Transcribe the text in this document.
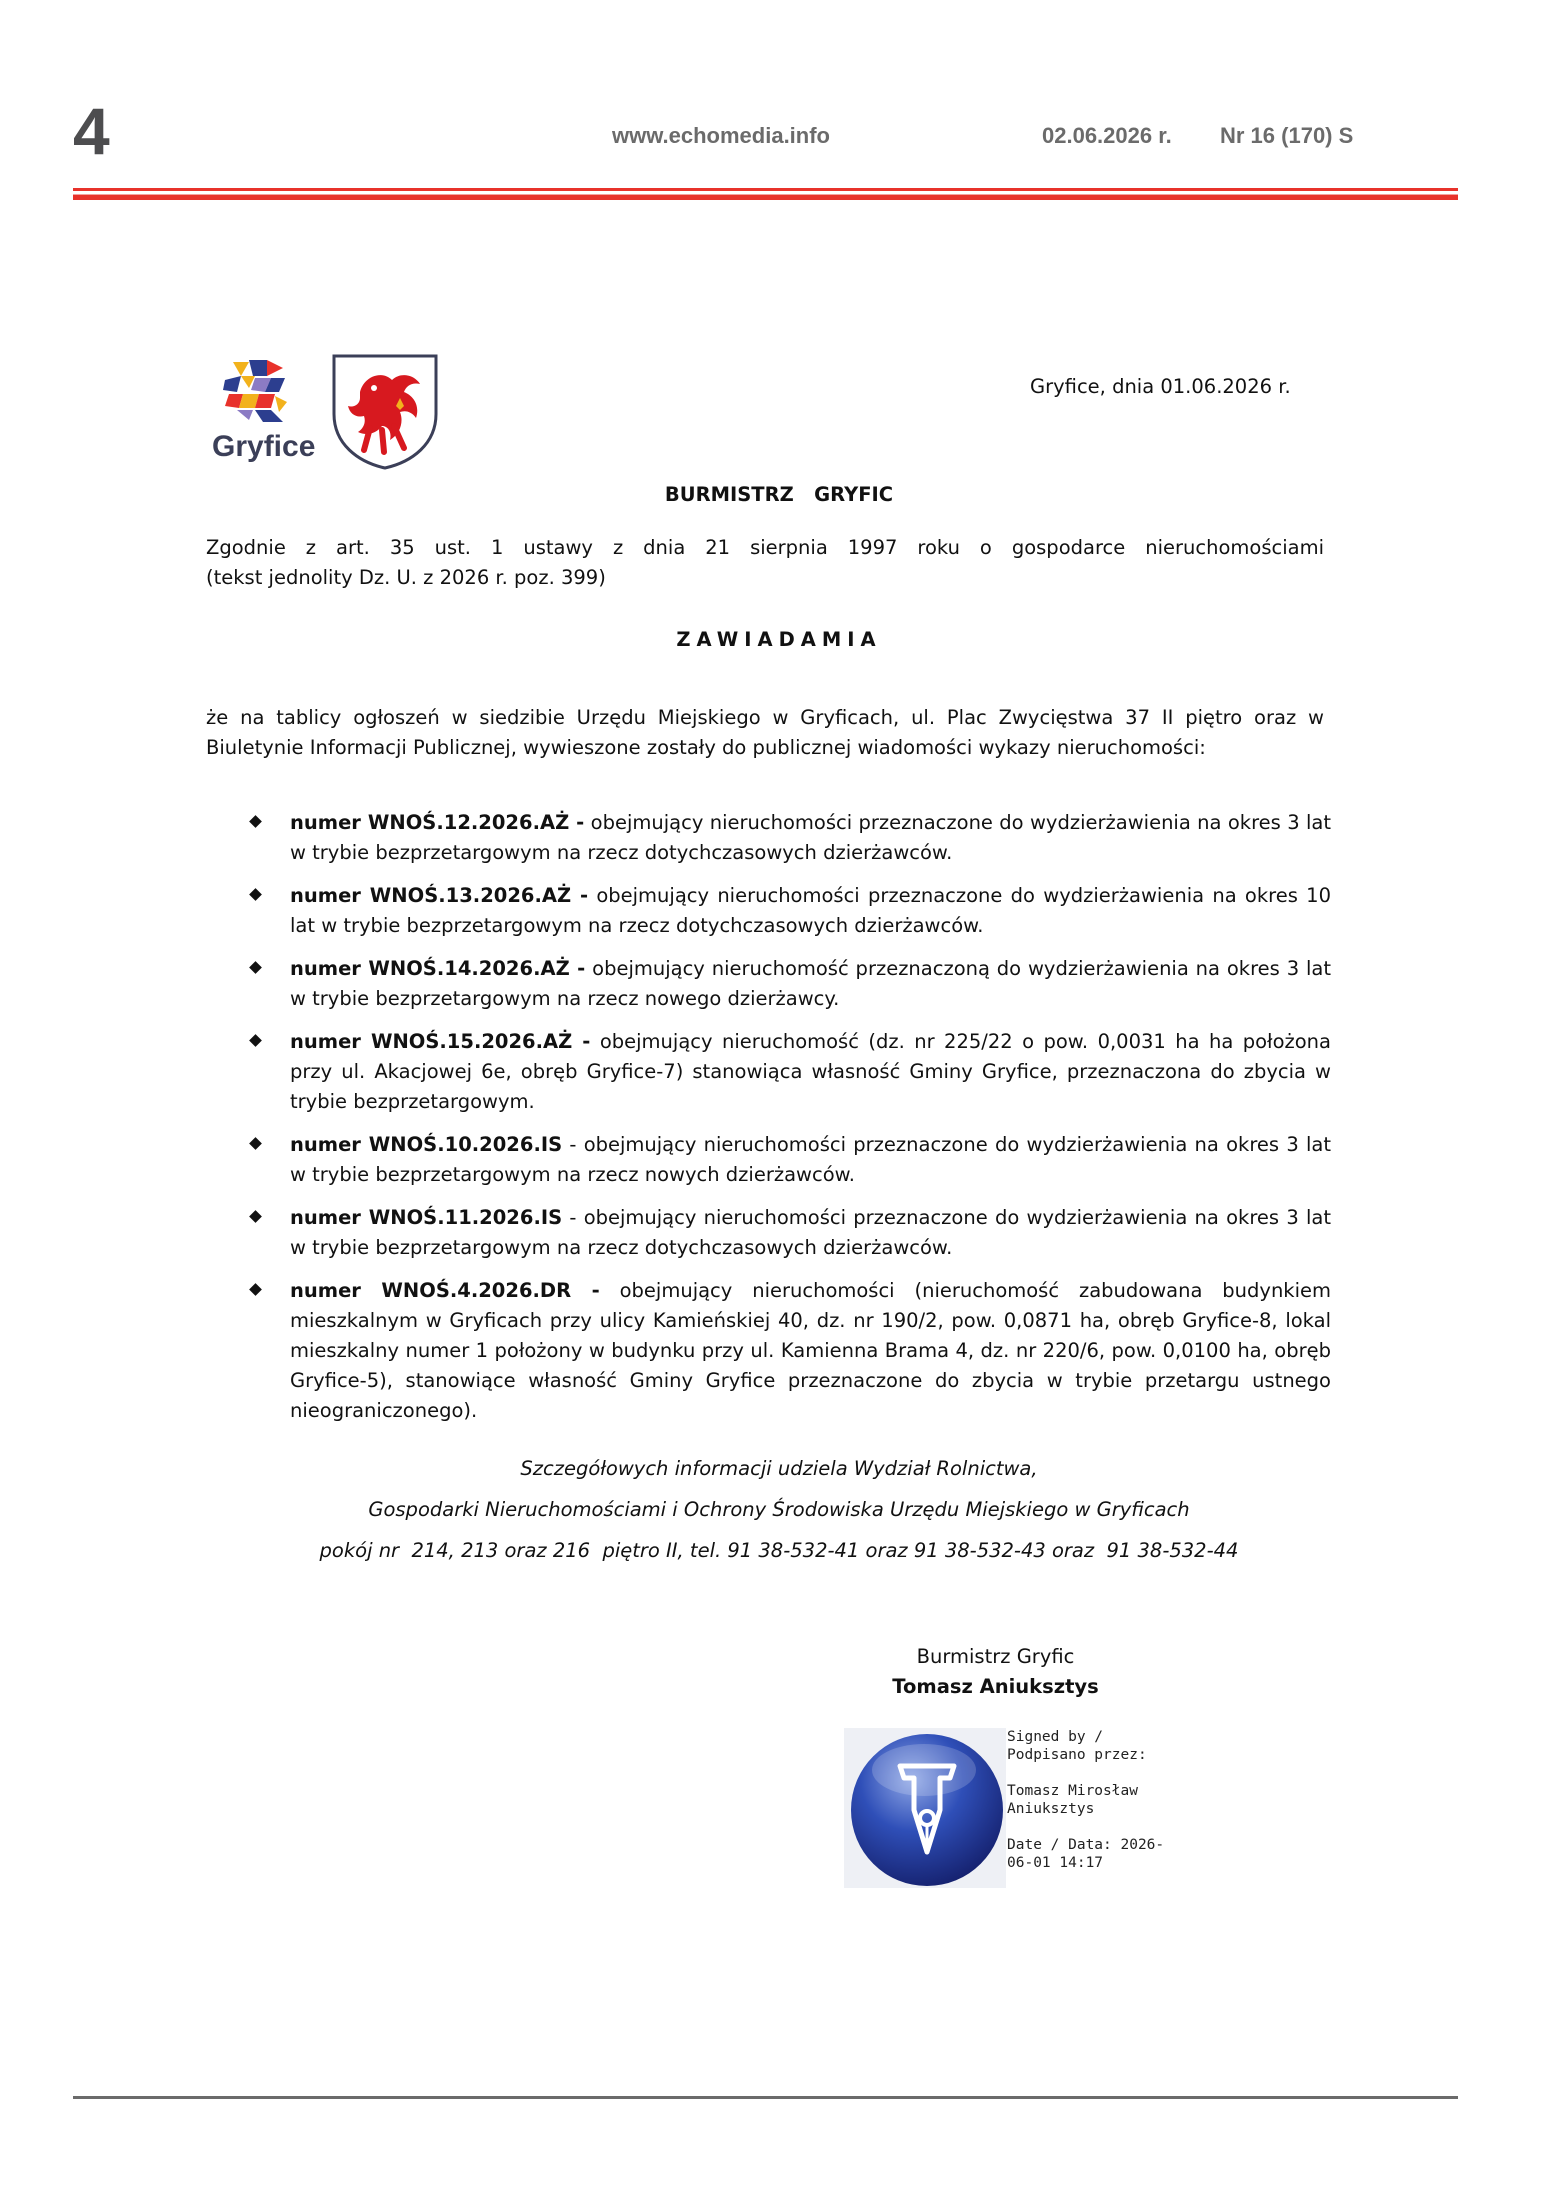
4	www.echomedia.info	02.06.2026 r. Nr 16 (170) S
Gryfice
Gryfice, dnia 01.06.2026 r.
BURMISTRZ   GRYFIC
Zgodnie z art. 35 ust. 1 ustawy z dnia 21 sierpnia 1997 roku o gospodarce nieruchomościami
(tekst jednolity Dz. U. z 2026 r. poz. 399)
ZAWIADAMIA
że na tablicy ogłoszeń w siedzibie Urzędu Miejskiego w Gryficach, ul. Plac Zwycięstwa 37 II piętro oraz w Biuletynie Informacji Publicznej, wywieszone zostały do publicznej wiadomości wykazy nieruchomości:
numer WNOŚ.12.2026.AŻ - obejmujący nieruchomości przeznaczone do wydzierżawienia na okres 3 lat w trybie bezprzetargowym na rzecz dotychczasowych dzierżawców.
numer WNOŚ.13.2026.AŻ - obejmujący nieruchomości przeznaczone do wydzierżawienia na okres 10 lat w trybie bezprzetargowym na rzecz dotychczasowych dzierżawców.
numer WNOŚ.14.2026.AŻ - obejmujący nieruchomość przeznaczoną do wydzierżawienia na okres 3 lat w trybie bezprzetargowym na rzecz nowego dzierżawcy.
numer WNOŚ.15.2026.AŻ - obejmujący nieruchomość (dz. nr 225/22 o pow. 0,0031 ha ha położona przy ul. Akacjowej 6e, obręb Gryfice-7) stanowiąca własność Gminy Gryfice, przeznaczona do zbycia w trybie bezprzetargowym.
numer WNOŚ.10.2026.IS - obejmujący nieruchomości przeznaczone do wydzierżawienia na okres 3 lat w trybie bezprzetargowym na rzecz nowych dzierżawców.
numer WNOŚ.11.2026.IS - obejmujący nieruchomości przeznaczone do wydzierżawienia na okres 3 lat w trybie bezprzetargowym na rzecz dotychczasowych dzierżawców.
numer WNOŚ.4.2026.DR - obejmujący nieruchomości (nieruchomość zabudowana budynkiem mieszkalnym w Gryficach przy ulicy Kamieńskiej 40, dz. nr 190/2, pow. 0,0871 ha, obręb Gryfice-8, lokal mieszkalny numer 1 położony w budynku przy ul. Kamienna Brama 4, dz. nr 220/6, pow. 0,0100 ha, obręb Gryfice-5), stanowiące własność Gminy Gryfice przeznaczone do zbycia w trybie przetargu ustnego nieograniczonego).
Szczegółowych informacji udziela Wydział Rolnictwa,
Gospodarki Nieruchomościami i Ochrony Środowiska Urzędu Miejskiego w Gryficach
pokój nr  214, 213 oraz 216  piętro II, tel. 91 38-532-41 oraz 91 38-532-43 oraz  91 38-532-44
Burmistrz Gryfic
Tomasz Aniuksztys
Signed by /
Podpisano przez:
Tomasz Mirosław
Aniuksztys
Date / Data: 2026-
06-01 14:17
